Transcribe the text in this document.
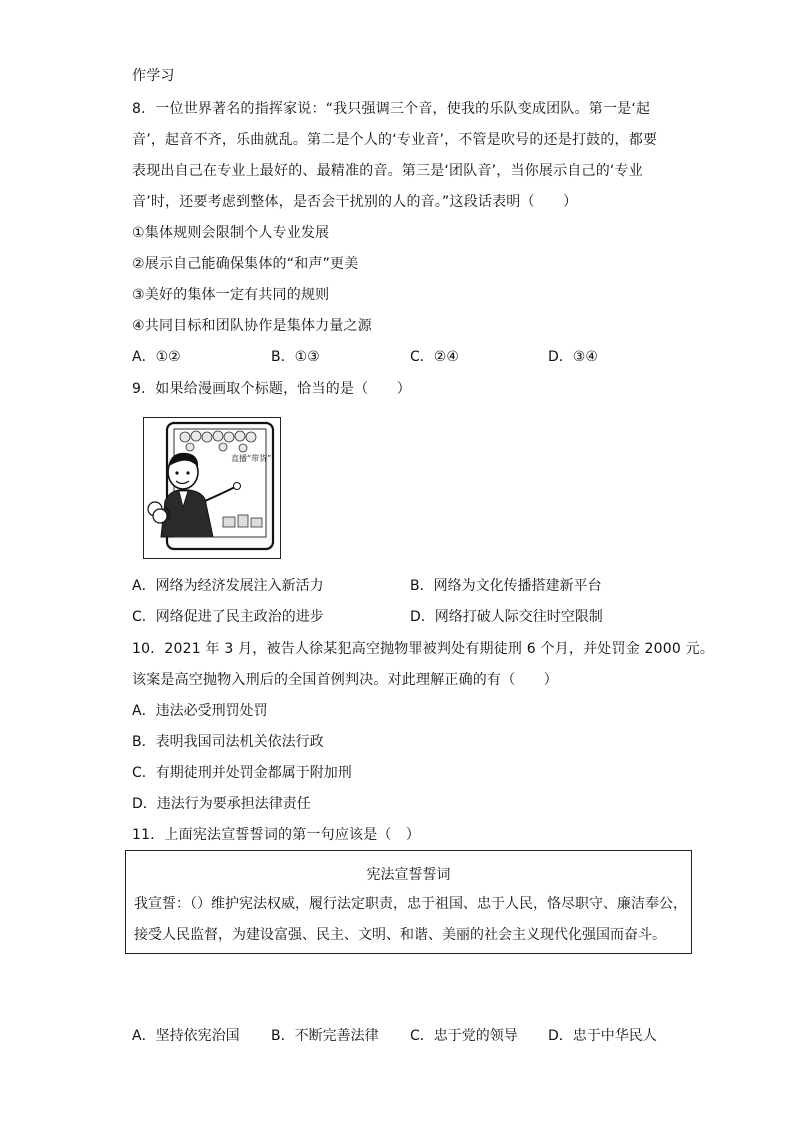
作学习
8．一位世界著名的指挥家说：“我只强调三个音，使我的乐队变成团队。第一是‘起
音’，起音不齐，乐曲就乱。第二是个人的‘专业音’，不管是吹号的还是打鼓的，都要
表现出自己在专业上最好的、最精准的音。第三是‘团队音’，当你展示自己的‘专业
音’时，还要考虑到整体，是否会干扰别的人的音。”这段话表明（　　）
①集体规则会限制个人专业发展
②展示自己能确保集体的“和声”更美
③美好的集体一定有共同的规则
④共同目标和团队协作是集体力量之源
A．①②	B．①③	C．②④	D．③④
9．如果给漫画取个标题，恰当的是（　　）
直播“带货”
A．网络为经济发展注入新活力	B．网络为文化传播搭建新平台
C．网络促进了民主政治的进步	D．网络打破人际交往时空限制
10．2021 年 3 月，被告人徐某犯高空抛物罪被判处有期徒刑 6 个月，并处罚金 2000 元。
该案是高空抛物入刑后的全国首例判决。对此理解正确的有（　　）
A．违法必受刑罚处罚
B．表明我国司法机关依法行政
C．有期徒刑并处罚金都属于附加刑
D．违法行为要承担法律责任
11．上面宪法宣誓誓词的第一句应该是（　）
宪法宣誓誓词
我宣誓：（）维护宪法权威，履行法定职责，忠于祖国、忠于人民，恪尽职守、廉洁奉公，
接受人民监督，为建设富强、民主、文明、和谐、美丽的社会主义现代化强国而奋斗。
A．坚持依宪治国 B．不断完善法律 C．忠于党的领导 D．忠于中华民人
